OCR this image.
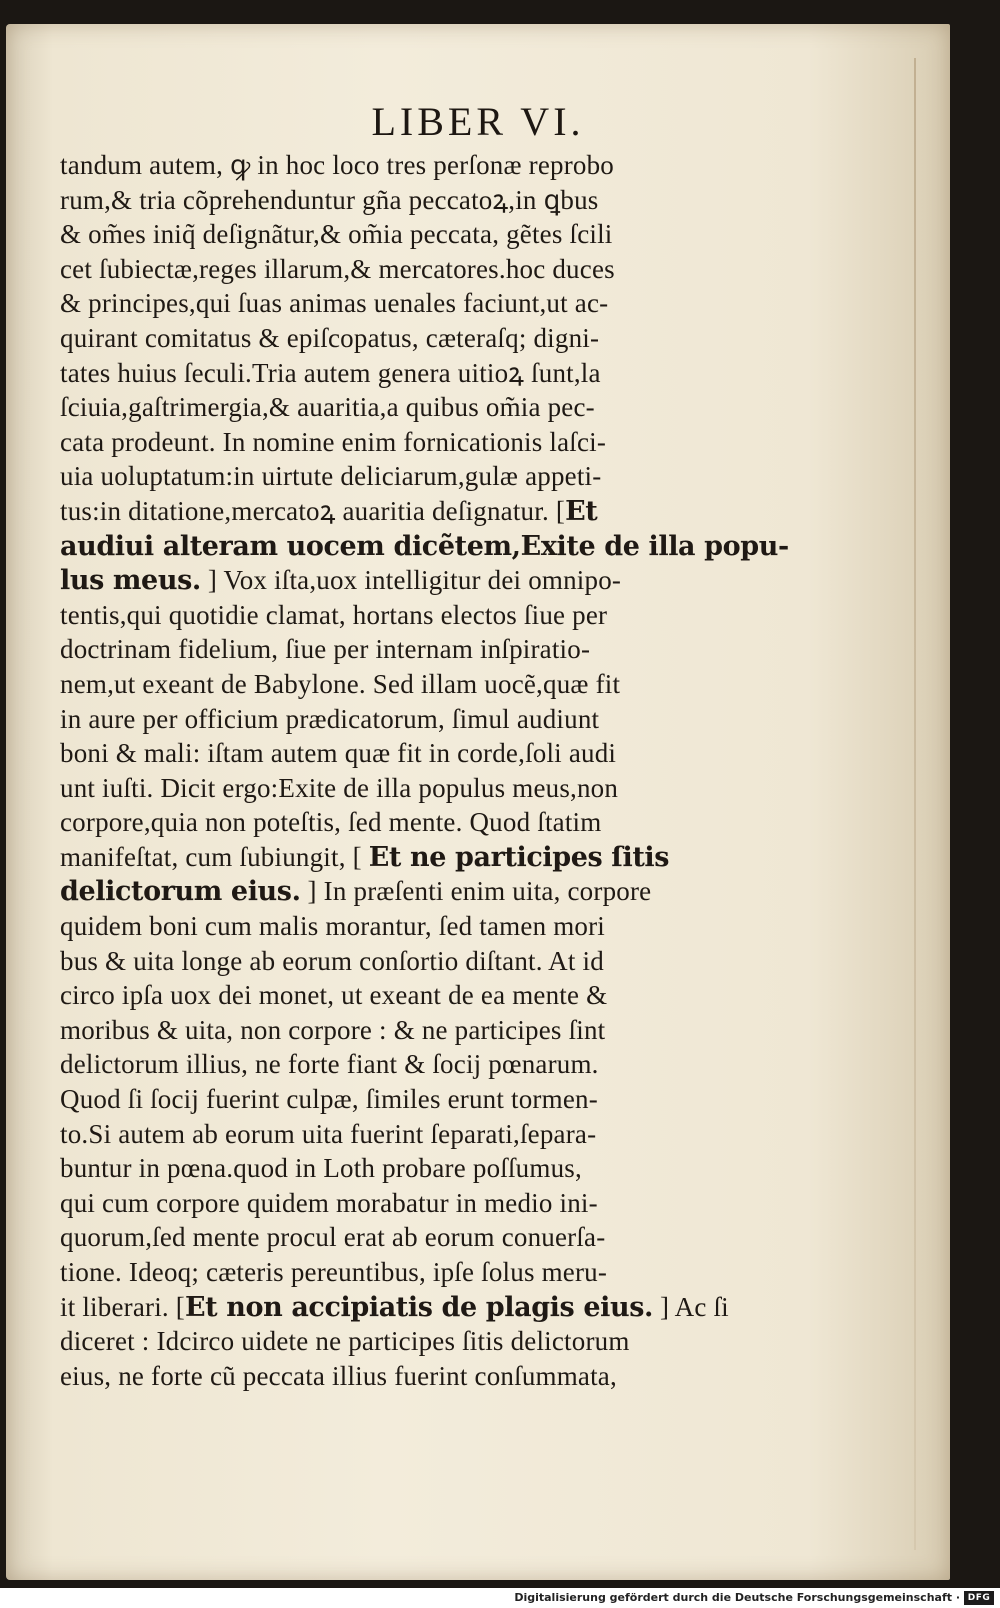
LIBER VI.
tandum autem, ꝙ in hoc loco tres perſonæ reprobo
rum,& tria cõprehenduntur gña peccatoꝝ,in ꝗbus
& om̃es iniq̃ deſignãtur,& om̃ia peccata, gẽtes ſcili
cet ſubiectæ,reges illarum,& mercatores.hoc duces
& principes,qui ſuas animas uenales faciunt,ut ac-
quirant comitatus & epiſcopatus, cæteraſq; digni-
tates huius ſeculi.Tria autem genera uitioꝝ ſunt,la
ſciuia,gaſtrimergia,& auaritia,a quibus om̃ia pec-
cata prodeunt. In nomine enim fornicationis laſci-
uia uoluptatum:in uirtute deliciarum,gulæ appeti-
tus:in ditatione,mercatoꝝ auaritia deſignatur. [Et
audiui alteram uocem dicẽtem,Exite de illa popu-
lus meus. ] Vox iſta,uox intelligitur dei omnipo-
tentis,qui quotidie clamat, hortans electos ſiue per
doctrinam fidelium, ſiue per internam inſpiratio-
nem,ut exeant de Babylone. Sed illam uocẽ,quæ fit
in aure per officium prædicatorum, ſimul audiunt
boni & mali: iſtam autem quæ fit in corde,ſoli audi
unt iuſti. Dicit ergo:Exite de illa populus meus,non
corpore,quia non poteſtis, ſed mente. Quod ſtatim
manifeſtat, cum ſubiungit, [ Et ne participes ſitis
delictorum eius. ] In præſenti enim uita, corpore
quidem boni cum malis morantur, ſed tamen mori
bus & uita longe ab eorum conſortio diſtant. At id
circo ipſa uox dei monet, ut exeant de ea mente &
moribus & uita, non corpore : & ne participes ſint
delictorum illius, ne forte fiant & ſocij pœnarum.
Quod ſi ſocij fuerint culpæ, ſimiles erunt tormen-
to.Si autem ab eorum uita fuerint ſeparati,ſepara-
buntur in pœna.quod in Loth probare poſſumus,
qui cum corpore quidem morabatur in medio ini-
quorum,ſed mente procul erat ab eorum conuerſa-
tione. Ideoq; cæteris pereuntibus, ipſe ſolus meru-
it liberari. [Et non accipiatis de plagis eius. ] Ac ſi
diceret : Idcirco uidete ne participes ſitis delictorum
eius, ne forte cũ peccata illius fuerint conſummata,
Digitalisierung gefördert durch die Deutsche Forschungsgemeinschaft · DFG
